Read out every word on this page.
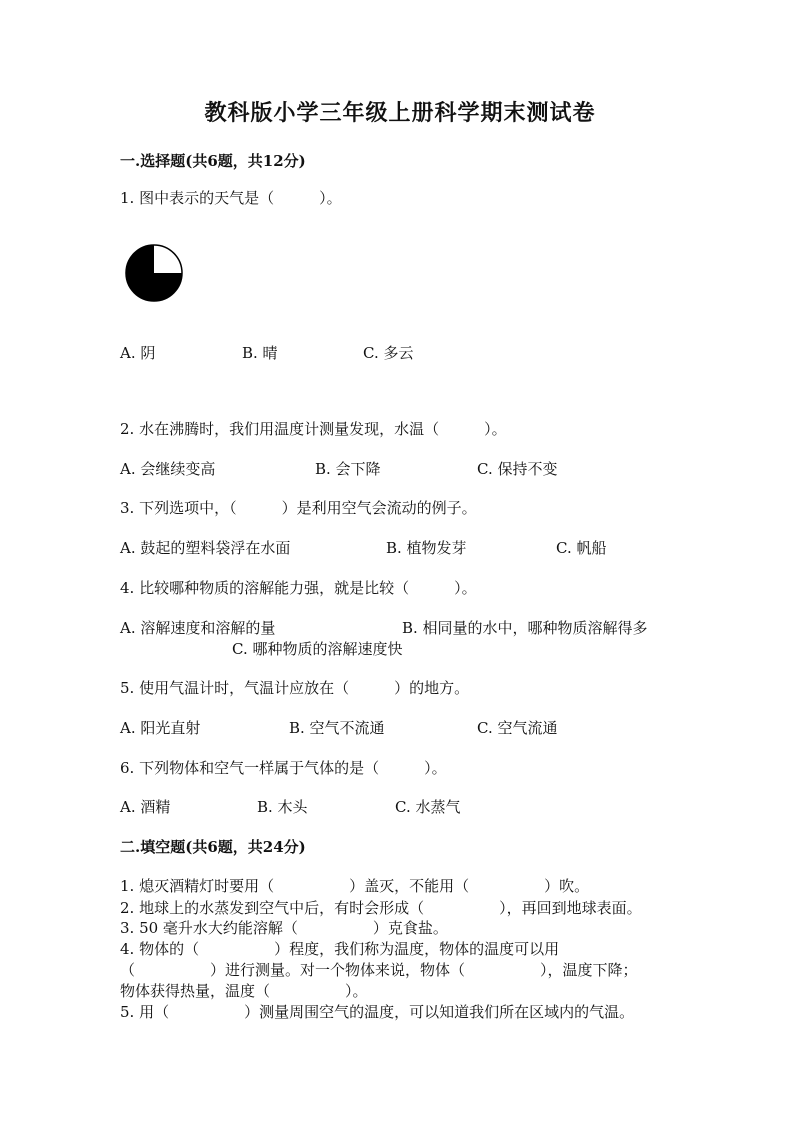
教科版小学三年级上册科学期末测试卷
一.选择题(共6题，共12分)
1. 图中表示的天气是（　　　）。
A. 阴	B. 晴	C. 多云
2. 水在沸腾时，我们用温度计测量发现，水温（　　　）。
A. 会继续变高	B. 会下降	C. 保持不变
3. 下列选项中，（　　　）是利用空气会流动的例子。
A. 鼓起的塑料袋浮在水面	B. 植物发芽	C. 帆船
4. 比较哪种物质的溶解能力强，就是比较（　　　）。
A. 溶解速度和溶解的量	B. 相同量的水中，哪种物质溶解得多
C. 哪种物质的溶解速度快
5. 使用气温计时，气温计应放在（　　　）的地方。
A. 阳光直射	B. 空气不流通	C. 空气流通
6. 下列物体和空气一样属于气体的是（　　　）。
A. 酒精	B. 木头	C. 水蒸气
二.填空题(共6题，共24分)
1. 熄灭酒精灯时要用（　　　　　）盖灭，不能用（　　　　　）吹。
2. 地球上的水蒸发到空气中后，有时会形成（　　　　　），再回到地球表面。
3. 50 毫升水大约能溶解（　　　　　）克食盐。
4. 物体的（　　　　　）程度，我们称为温度，物体的温度可以用
（　　　　　）进行测量。对一个物体来说，物体（　　　　　），温度下降；
物体获得热量，温度（　　　　　）。
5. 用（　　　　　）测量周围空气的温度，可以知道我们所在区域内的气温。
